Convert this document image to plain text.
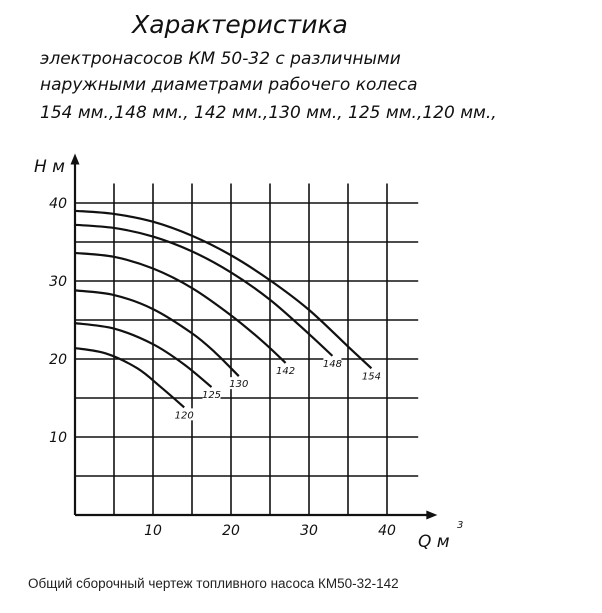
Характеристика
электронасосов КМ 50-32 с различными
наружными диаметрами рабочего колеса
154 мм.,148 мм., 142 мм.,130 мм., 125 мм.,120 мм.,
10	20	30	40
10
20
30
40
154
148
142
130
125
120
Н м
Q м
3
Общий сборочный чертеж топливного насоса КМ50-32-142
